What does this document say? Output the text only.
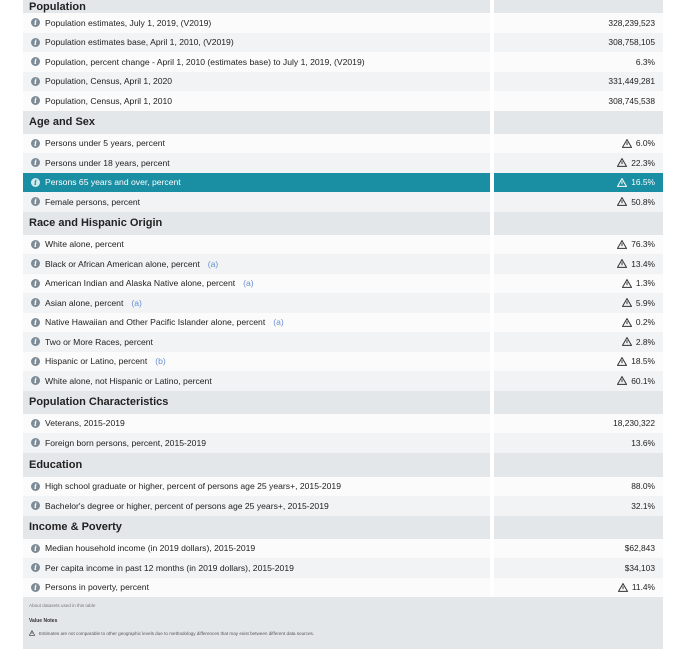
Population
i Population estimates, July 1, 2019, (V2019)	328,239,523
i Population estimates base, April 1, 2010, (V2019)	308,758,105
i Population, percent change - April 1, 2010 (estimates base) to July 1, 2019, (V2019)	6.3%
i Population, Census, April 1, 2020	331,449,281
i Population, Census, April 1, 2010	308,745,538
Age and Sex
i Persons under 5 years, percent	6.0%
i Persons under 18 years, percent	22.3%
i Persons 65 years and over, percent	16.5%
i Female persons, percent	50.8%
Race and Hispanic Origin
i White alone, percent	76.3%
i Black or African American alone, percent (a)	13.4%
i American Indian and Alaska Native alone, percent (a)	1.3%
i Asian alone, percent (a)	5.9%
i Native Hawaiian and Other Pacific Islander alone, percent (a)	0.2%
i Two or More Races, percent	2.8%
i Hispanic or Latino, percent (b)	18.5%
i White alone, not Hispanic or Latino, percent	60.1%
Population Characteristics
i Veterans, 2015-2019	18,230,322
i Foreign born persons, percent, 2015-2019	13.6%
Education
i High school graduate or higher, percent of persons age 25 years+, 2015-2019	88.0%
i Bachelor's degree or higher, percent of persons age 25 years+, 2015-2019	32.1%
Income & Poverty
i Median household income (in 2019 dollars), 2015-2019	$62,843
i Per capita income in past 12 months (in 2019 dollars), 2015-2019	$34,103
i Persons in poverty, percent	11.4%
About datasets used in this table
Value Notes
Estimates are not comparable to other geographic levels due to methodology differences that may exist between different data sources.
